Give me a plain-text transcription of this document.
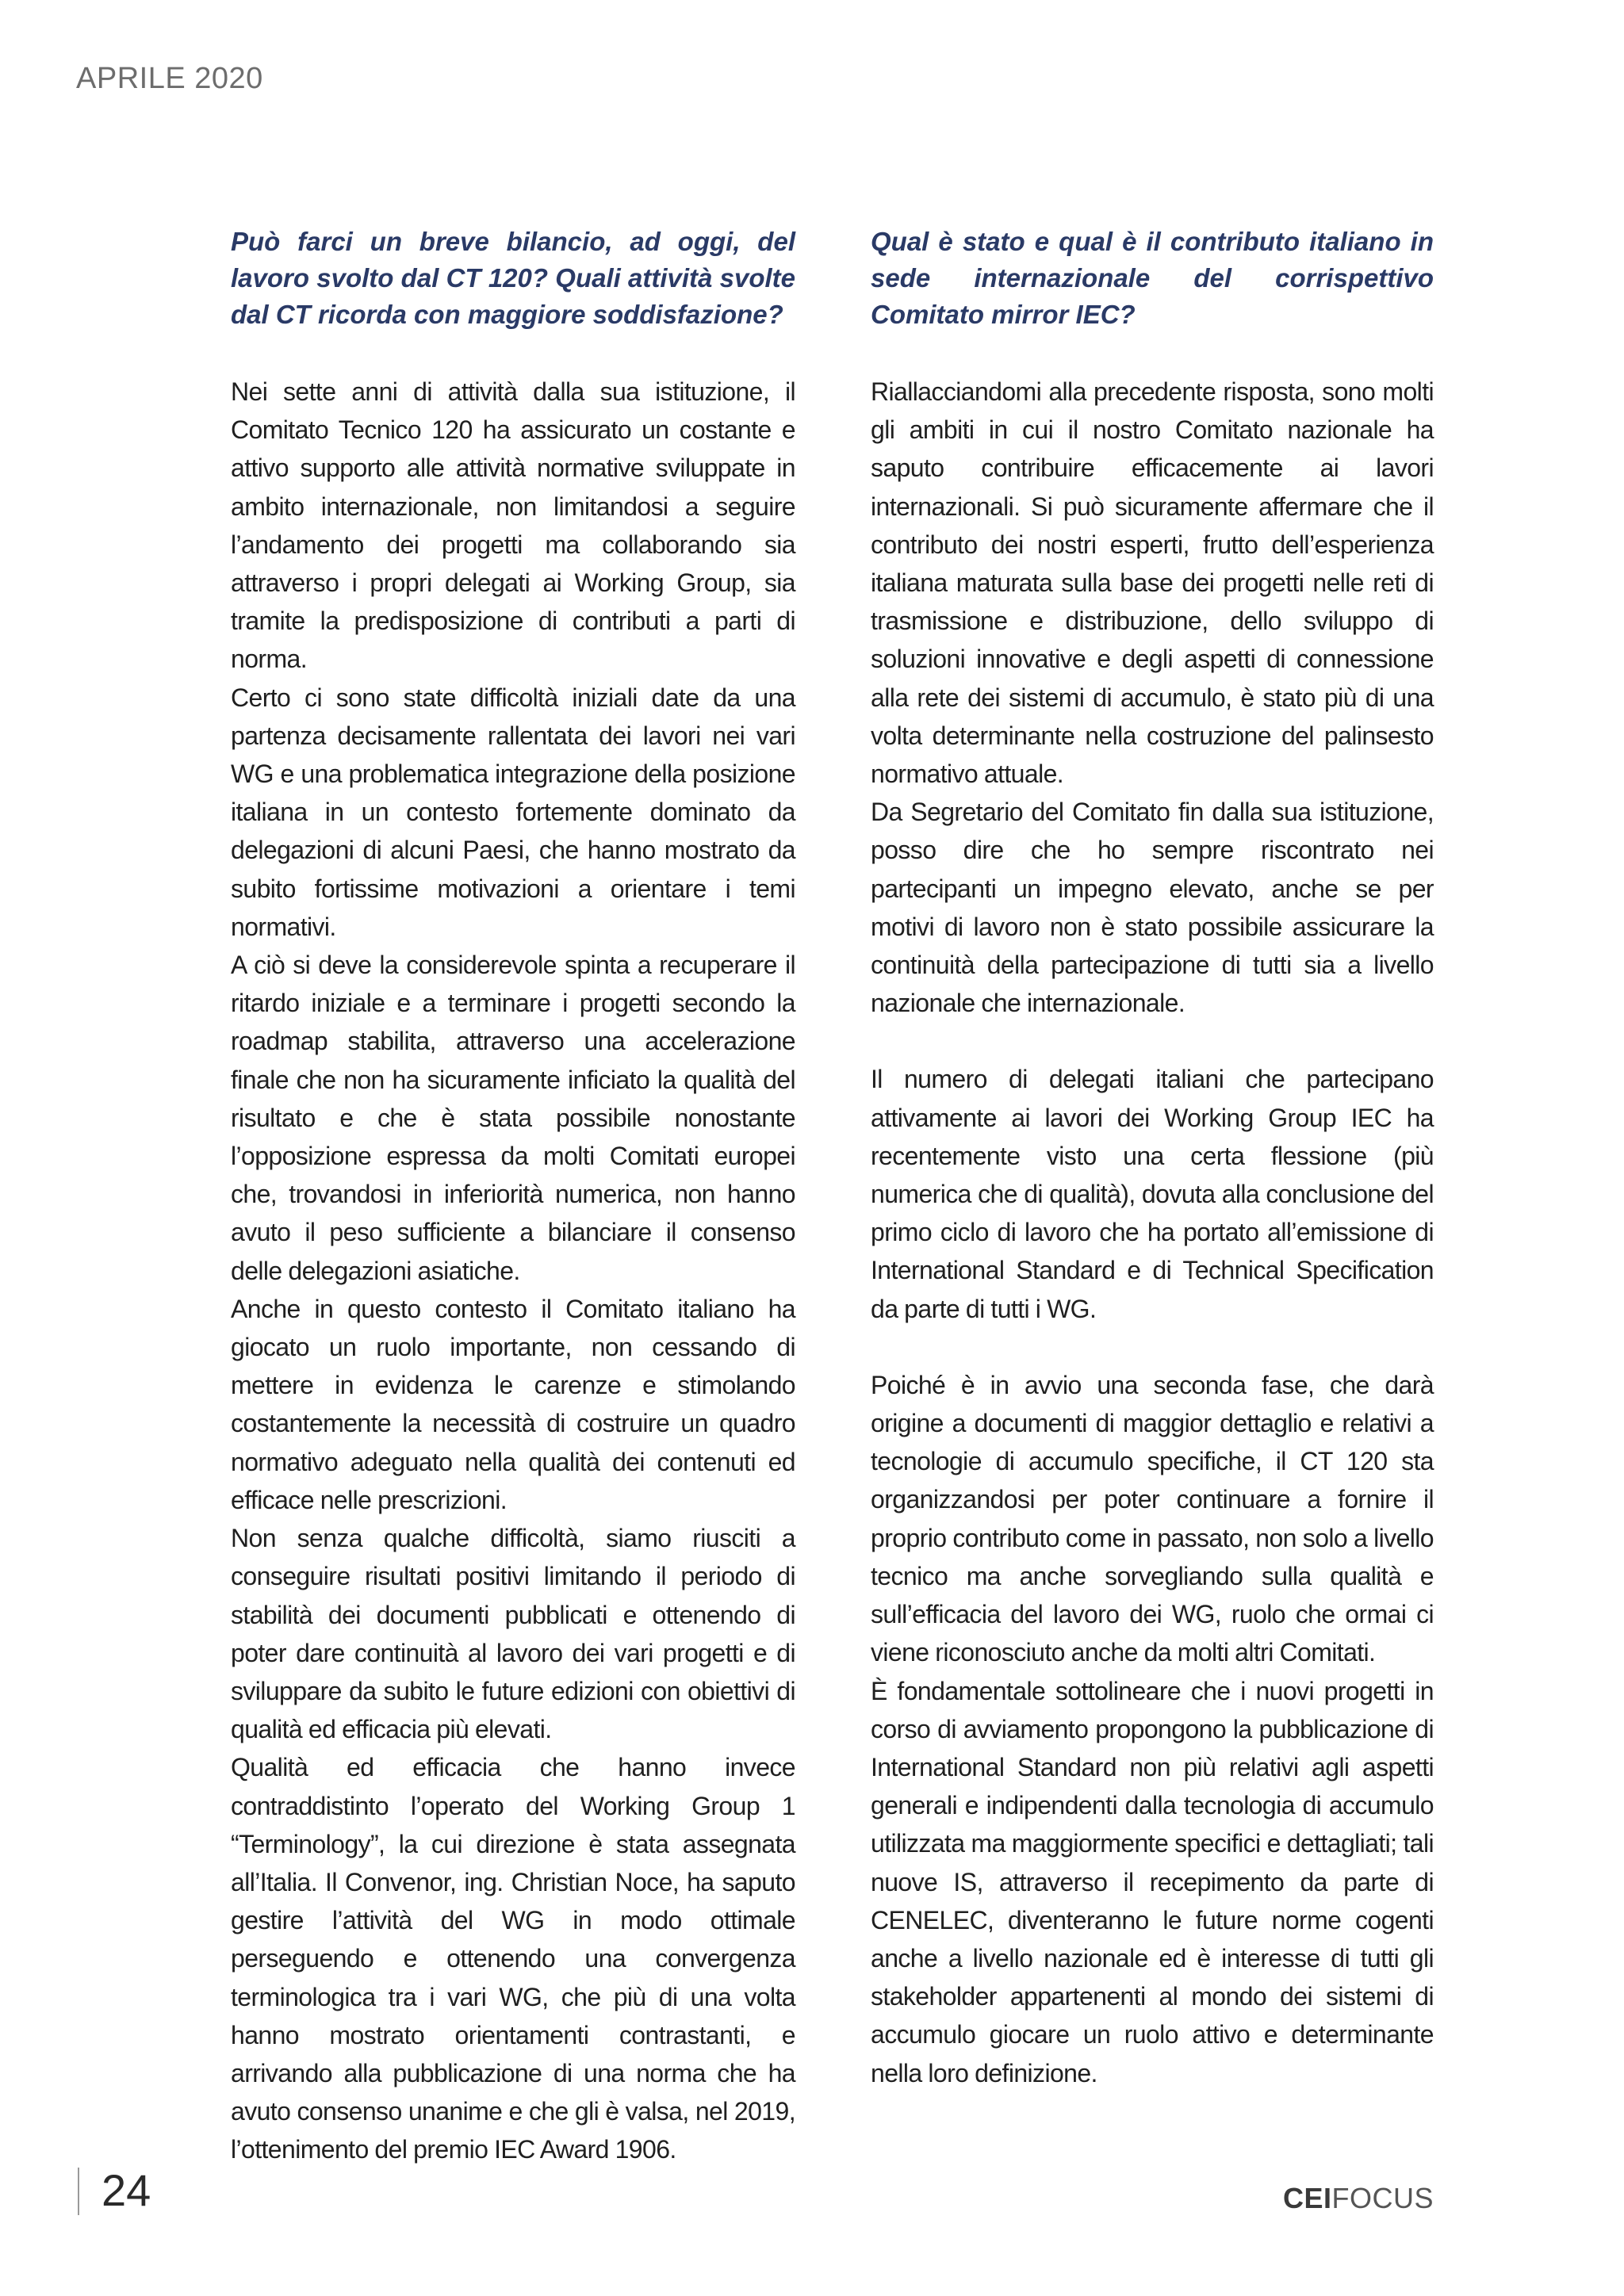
APRILE 2020

Può farci un breve bilancio, ad oggi, del lavoro svolto dal CT 120? Quali attività svolte dal CT ricorda con maggiore soddisfazione?

Nei sette anni di attività dalla sua istituzione, il Comitato Tecnico 120 ha assicurato un costante e attivo supporto alle attività normative sviluppate in ambito internazionale, non limitandosi a seguire l’andamento dei progetti ma collaborando sia attraverso i propri delegati ai Working Group, sia tramite la predisposizione di contributi a parti di norma.

Certo ci sono state difficoltà iniziali date da una partenza decisamente rallentata dei lavori nei vari WG e una problematica integrazione della posizione italiana in un contesto fortemente dominato da delegazioni di alcuni Paesi, che hanno mostrato da subito fortissime motivazioni a orientare i temi normativi.

A ciò si deve la considerevole spinta a recuperare il ritardo iniziale e a terminare i progetti secondo la roadmap stabilita, attraverso una accelerazione finale che non ha sicuramente inficiato la qualità del risultato e che è stata possibile nonostante l’opposizione espressa da molti Comitati europei che, trovandosi in inferiorità numerica, non hanno avuto il peso sufficiente a bilanciare il consenso delle delegazioni asiatiche.

Anche in questo contesto il Comitato italiano ha giocato un ruolo importante, non cessando di mettere in evidenza le carenze e stimolando costantemente la necessità di costruire un quadro normativo adeguato nella qualità dei contenuti ed efficace nelle prescrizioni.

Non senza qualche difficoltà, siamo riusciti a conseguire risultati positivi limitando il periodo di stabilità dei documenti pubblicati e ottenendo di poter dare continuità al lavoro dei vari progetti e di sviluppare da subito le future edizioni con obiettivi di qualità ed efficacia più elevati.

Qualità ed efficacia che hanno invece contraddistinto l’operato del Working Group 1 “Terminology”, la cui direzione è stata assegnata all’Italia. Il Convenor, ing. Christian Noce, ha saputo gestire l’attività del WG in modo ottimale perseguendo e ottenendo una convergenza terminologica tra i vari WG, che più di una volta hanno mostrato orientamenti contrastanti, e arrivando alla pubblicazione di una norma che ha avuto consenso unanime e che gli è valsa, nel 2019, l’ottenimento del premio IEC Award 1906.

Qual è stato e qual è il contributo italiano in sede internazionale del corrispettivo Comitato mirror IEC?

Riallacciandomi alla precedente risposta, sono molti gli ambiti in cui il nostro Comitato nazionale ha saputo contribuire efficacemente ai lavori internazionali. Si può sicuramente affermare che il contributo dei nostri esperti, frutto dell’esperienza italiana maturata sulla base dei progetti nelle reti di trasmissione e distribuzione, dello sviluppo di soluzioni innovative e degli aspetti di connessione alla rete dei sistemi di accumulo, è stato più di una volta determinante nella costruzione del palinsesto normativo attuale.

Da Segretario del Comitato fin dalla sua istituzione, posso dire che ho sempre riscontrato nei partecipanti un impegno elevato, anche se per motivi di lavoro non è stato possibile assicurare la continuità della partecipazione di tutti sia a livello nazionale che internazionale.

Il numero di delegati italiani che partecipano attivamente ai lavori dei Working Group IEC ha recentemente visto una certa flessione (più numerica che di qualità), dovuta alla conclusione del primo ciclo di lavoro che ha portato all’emissione di International Standard e di Technical Specification da parte di tutti i WG.

Poiché è in avvio una seconda fase, che darà origine a documenti di maggior dettaglio e relativi a tecnologie di accumulo specifiche, il CT 120 sta organizzandosi per poter continuare a fornire il proprio contributo come in passato, non solo a livello tecnico ma anche sorvegliando sulla qualità e sull’efficacia del lavoro dei WG, ruolo che ormai ci viene riconosciuto anche da molti altri Comitati.

È fondamentale sottolineare che i nuovi progetti in corso di avviamento propongono la pubblicazione di International Standard non più relativi agli aspetti generali e indipendenti dalla tecnologia di accumulo utilizzata ma maggiormente specifici e dettagliati; tali nuove IS, attraverso il recepimento da parte di CENELEC, diventeranno le future norme cogenti anche a livello nazionale ed è interesse di tutti gli stakeholder appartenenti al mondo dei sistemi di accumulo giocare un ruolo attivo e determinante nella loro definizione.

24	CEIFOCUS
